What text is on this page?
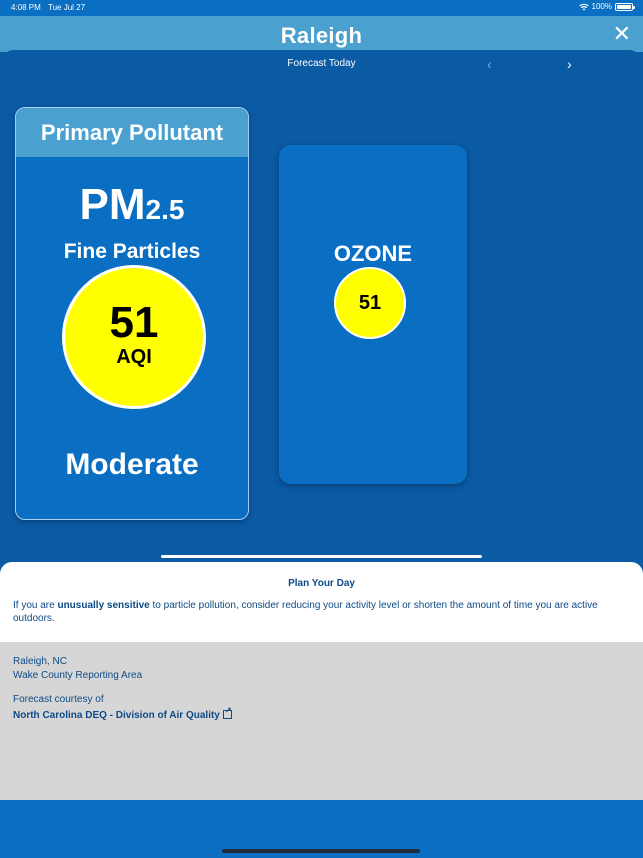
4:08 PM Tue Jul 27	100%
Raleigh	✕
Forecast Today	‹	›
Primary Pollutant
PM2.5
Fine Particles
51
AQI
Moderate
OZONE
51
Plan Your Day
If you are unusually sensitive to particle pollution, consider reducing your activity level or shorten the amount of time you are active outdoors.
Raleigh, NC
Wake County Reporting Area
Forecast courtesy of
North Carolina DEQ - Division of Air Quality↗
